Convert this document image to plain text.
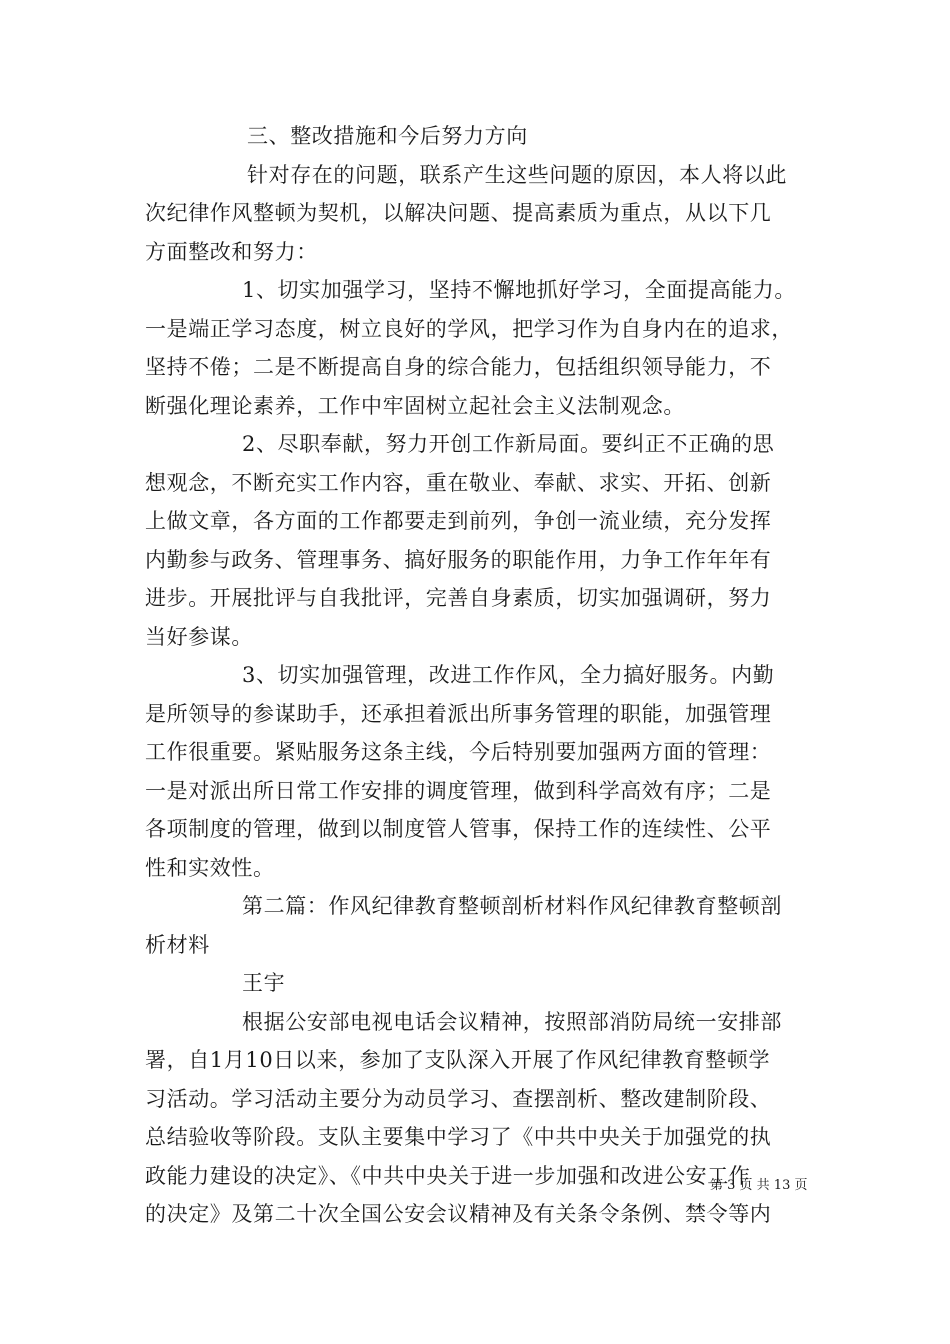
三、整改措施和今后努力方向
针对存在的问题，联系产生这些问题的原因，本人将以此
次纪律作风整顿为契机，以解决问题、提高素质为重点，从以下几
方面整改和努力：
1、切实加强学习，坚持不懈地抓好学习，全面提高能力。
一是端正学习态度，树立良好的学风，把学习作为自身内在的追求，
坚持不倦；二是不断提高自身的综合能力，包括组织领导能力，不
断强化理论素养，工作中牢固树立起社会主义法制观念。
2、尽职奉献，努力开创工作新局面。要纠正不正确的思
想观念，不断充实工作内容，重在敬业、奉献、求实、开拓、创新
上做文章，各方面的工作都要走到前列，争创一流业绩，充分发挥
内勤参与政务、管理事务、搞好服务的职能作用，力争工作年年有
进步。开展批评与自我批评，完善自身素质，切实加强调研，努力
当好参谋。
3、切实加强管理，改进工作作风，全力搞好服务。内勤
是所领导的参谋助手，还承担着派出所事务管理的职能，加强管理
工作很重要。紧贴服务这条主线，今后特别要加强两方面的管理：
一是对派出所日常工作安排的调度管理，做到科学高效有序；二是
各项制度的管理，做到以制度管人管事，保持工作的连续性、公平
性和实效性。
第二篇：作风纪律教育整顿剖析材料作风纪律教育整顿剖
析材料
王宇
根据公安部电视电话会议精神，按照部消防局统一安排部
署，自1月10日以来，参加了支队深入开展了作风纪律教育整顿学
习活动。学习活动主要分为动员学习、查摆剖析、整改建制阶段、
总结验收等阶段。支队主要集中学习了《中共中央关于加强党的执
政能力建设的决定》、《中共中央关于进一步加强和改进公安工作
的决定》及第二十次全国公安会议精神及有关条令条例、禁令等内
第 3 页 共 13 页
